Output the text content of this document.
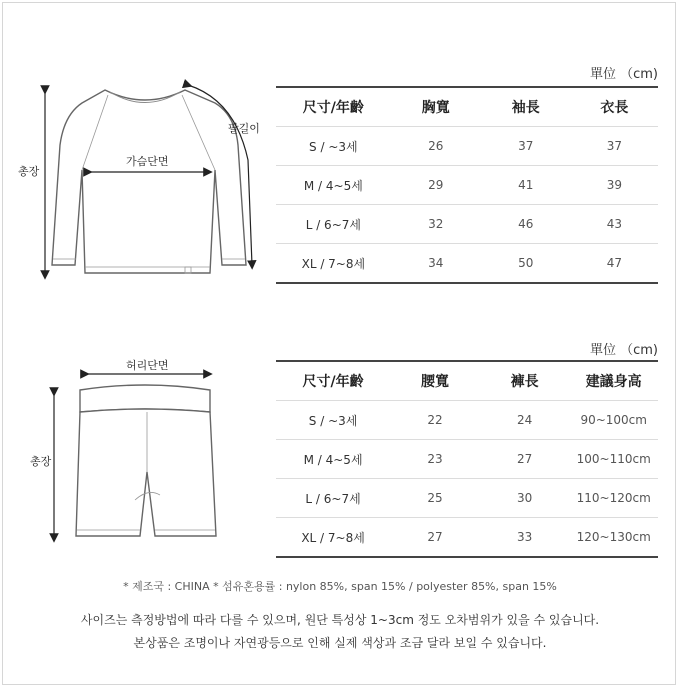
총장
가슴단면
팔길이
單位 （cm)
尺寸/年齡	胸寬	袖長	衣長
S / ~3세	26	37	37
M / 4~5세	29	41	39
L / 6~7세	32	46	43
XL / 7~8세	34	50	47
허리단면
총장
單位 （cm)
尺寸/年齡	腰寬	褲長	建議身高
S / ~3세	22	24	90~100cm
M / 4~5세	23	27	100~110cm
L / 6~7세	25	30	110~120cm
XL / 7~8세	27	33	120~130cm
* 제조국 : CHINA * 섬유혼용률 : nylon 85%, span 15% / polyester 85%, span 15%
사이즈는 측정방법에 따라 다를 수 있으며, 원단 특성상 1~3cm 정도 오차범위가 있을 수 있습니다.
본상품은 조명이나 자연광등으로 인해 실제 색상과 조금 달라 보일 수 있습니다.
